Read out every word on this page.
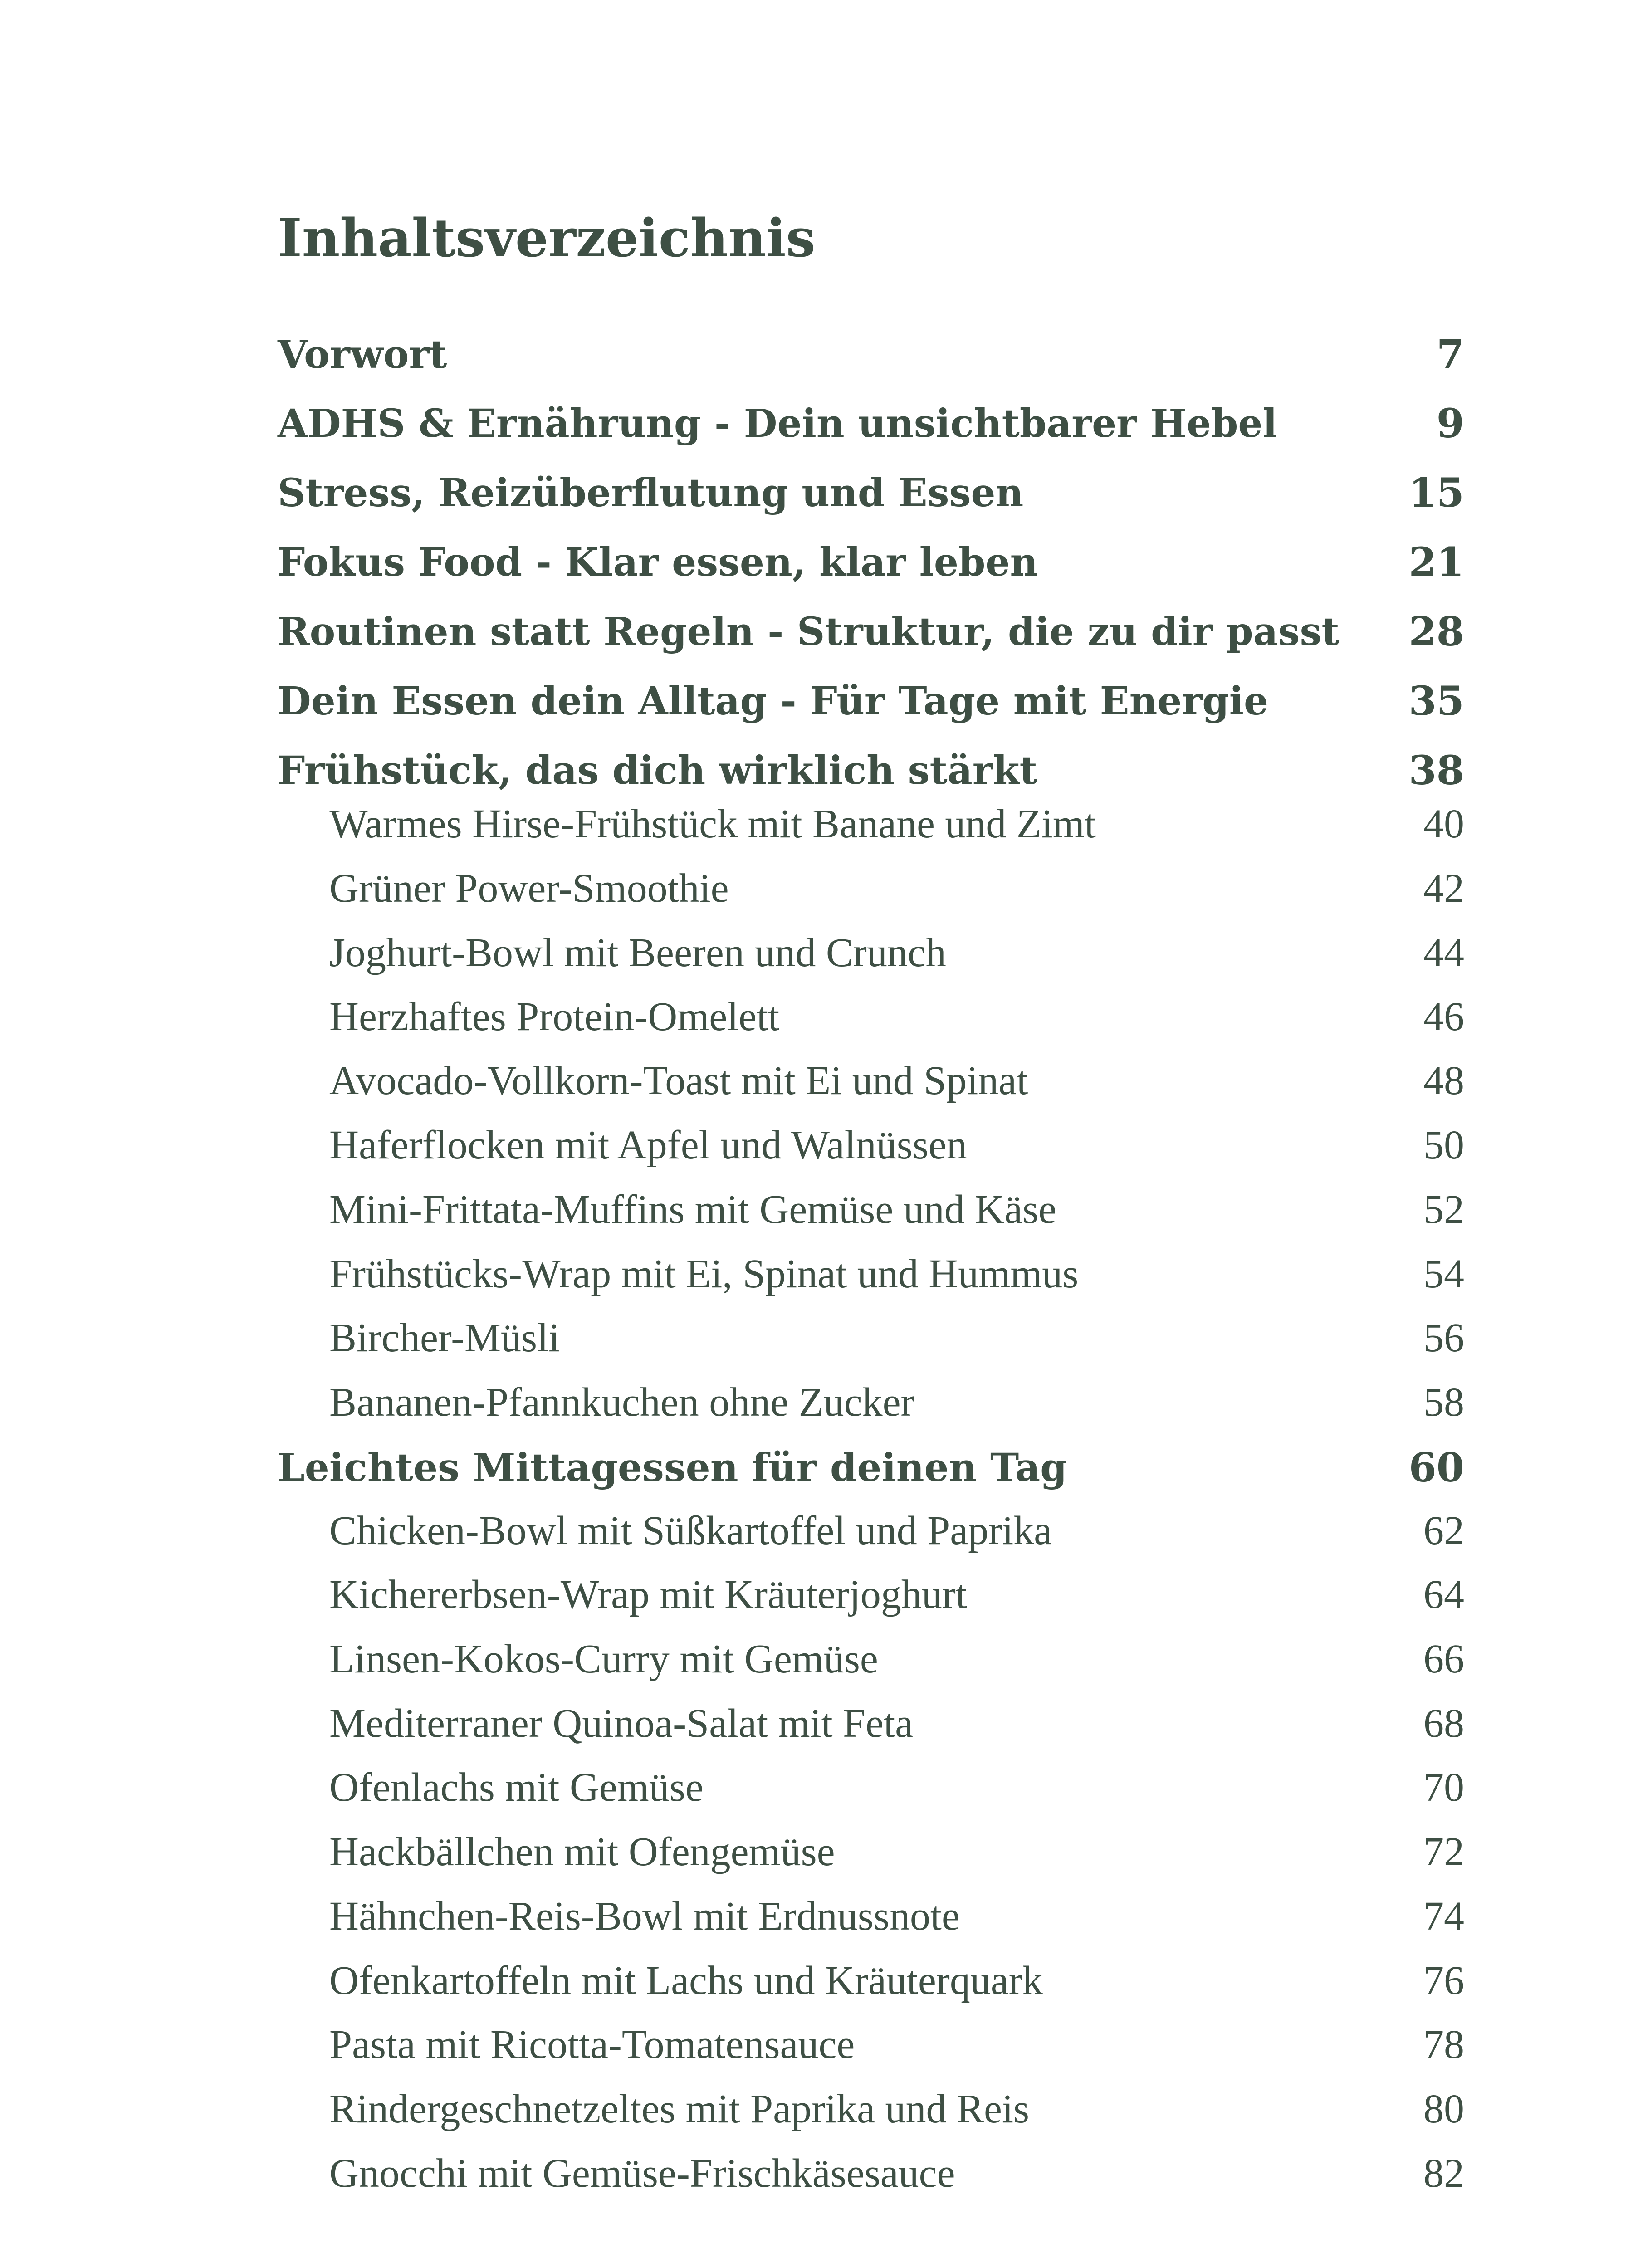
Inhaltsverzeichnis
Vorwort	7
ADHS & Ernährung - Dein unsichtbarer Hebel	9
Stress, Reizüberflutung und Essen	15
Fokus Food - Klar essen, klar leben	21
Routinen statt Regeln - Struktur, die zu dir passt 28
Dein Essen dein Alltag - Für Tage mit Energie	35
Frühstück, das dich wirklich stärkt	38
Warmes Hirse-Frühstück mit Banane und Zimt	40
Grüner Power-Smoothie	42
Joghurt-Bowl mit Beeren und Crunch	44
Herzhaftes Protein-Omelett	46
Avocado-Vollkorn-Toast mit Ei und Spinat	48
Haferflocken mit Apfel und Walnüssen	50
Mini-Frittata-Muffins mit Gemüse und Käse	52
Frühstücks-Wrap mit Ei, Spinat und Hummus	54
Bircher-Müsli	56
Bananen-Pfannkuchen ohne Zucker	58
Leichtes Mittagessen für deinen Tag	60
Chicken-Bowl mit Süßkartoffel und Paprika	62
Kichererbsen-Wrap mit Kräuterjoghurt	64
Linsen-Kokos-Curry mit Gemüse	66
Mediterraner Quinoa-Salat mit Feta	68
Ofenlachs mit Gemüse	70
Hackbällchen mit Ofengemüse	72
Hähnchen-Reis-Bowl mit Erdnussnote	74
Ofenkartoffeln mit Lachs und Kräuterquark	76
Pasta mit Ricotta-Tomatensauce	78
Rindergeschnetzeltes mit Paprika und Reis	80
Gnocchi mit Gemüse-Frischkäsesauce	82
